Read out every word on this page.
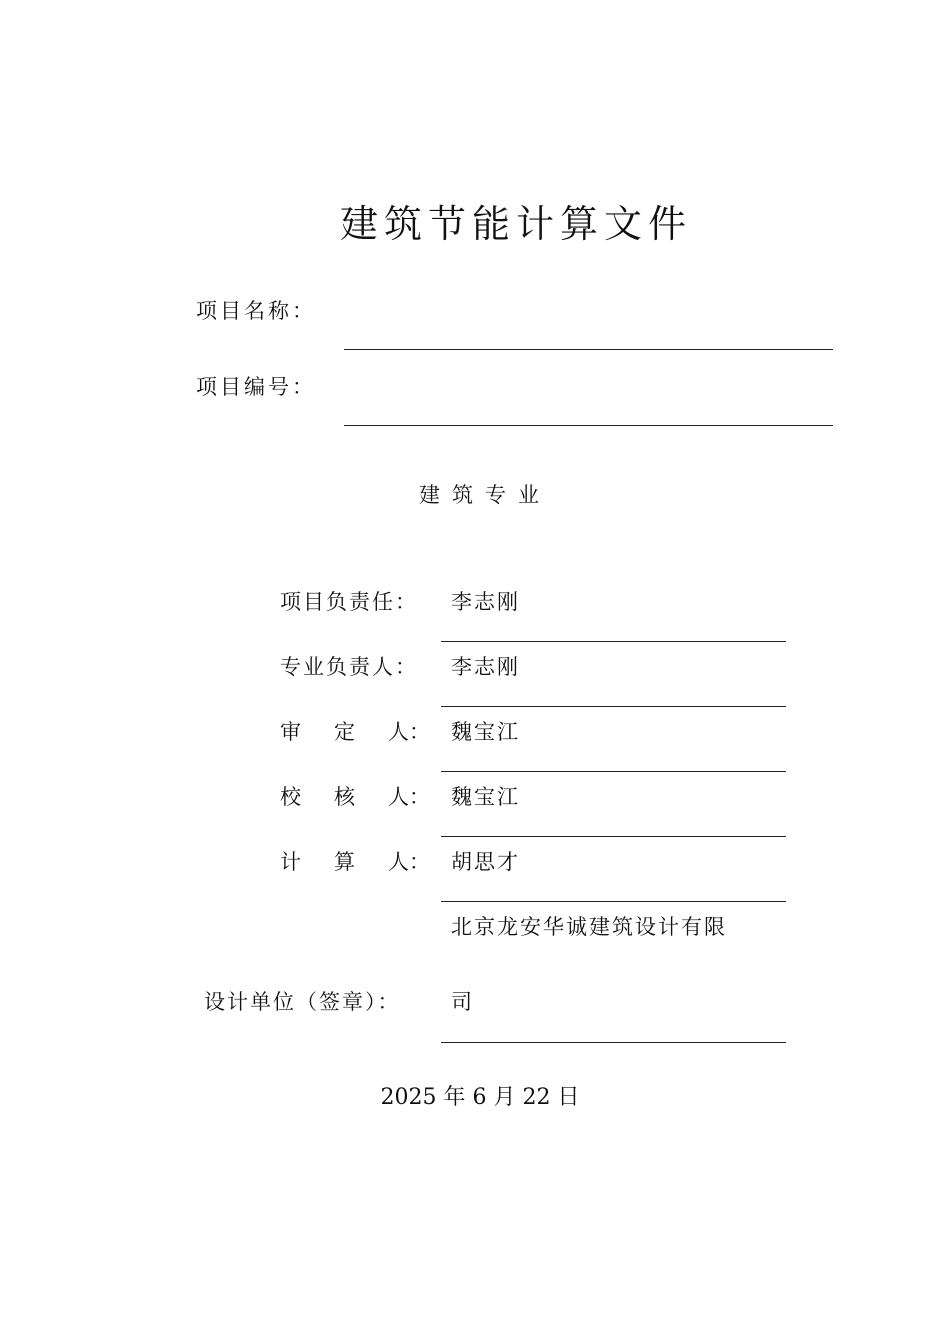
建筑节能计算文件
项目名称：
项目编号：
建筑专业
项目负责任： 李志刚
专业负责人： 李志刚
审 定 人： 魏宝江
校 核 人： 魏宝江
计 算 人： 胡思才
北京龙安华诚建筑设计有限
设计单位（签章）： 司
2025 年 6 月 22 日
